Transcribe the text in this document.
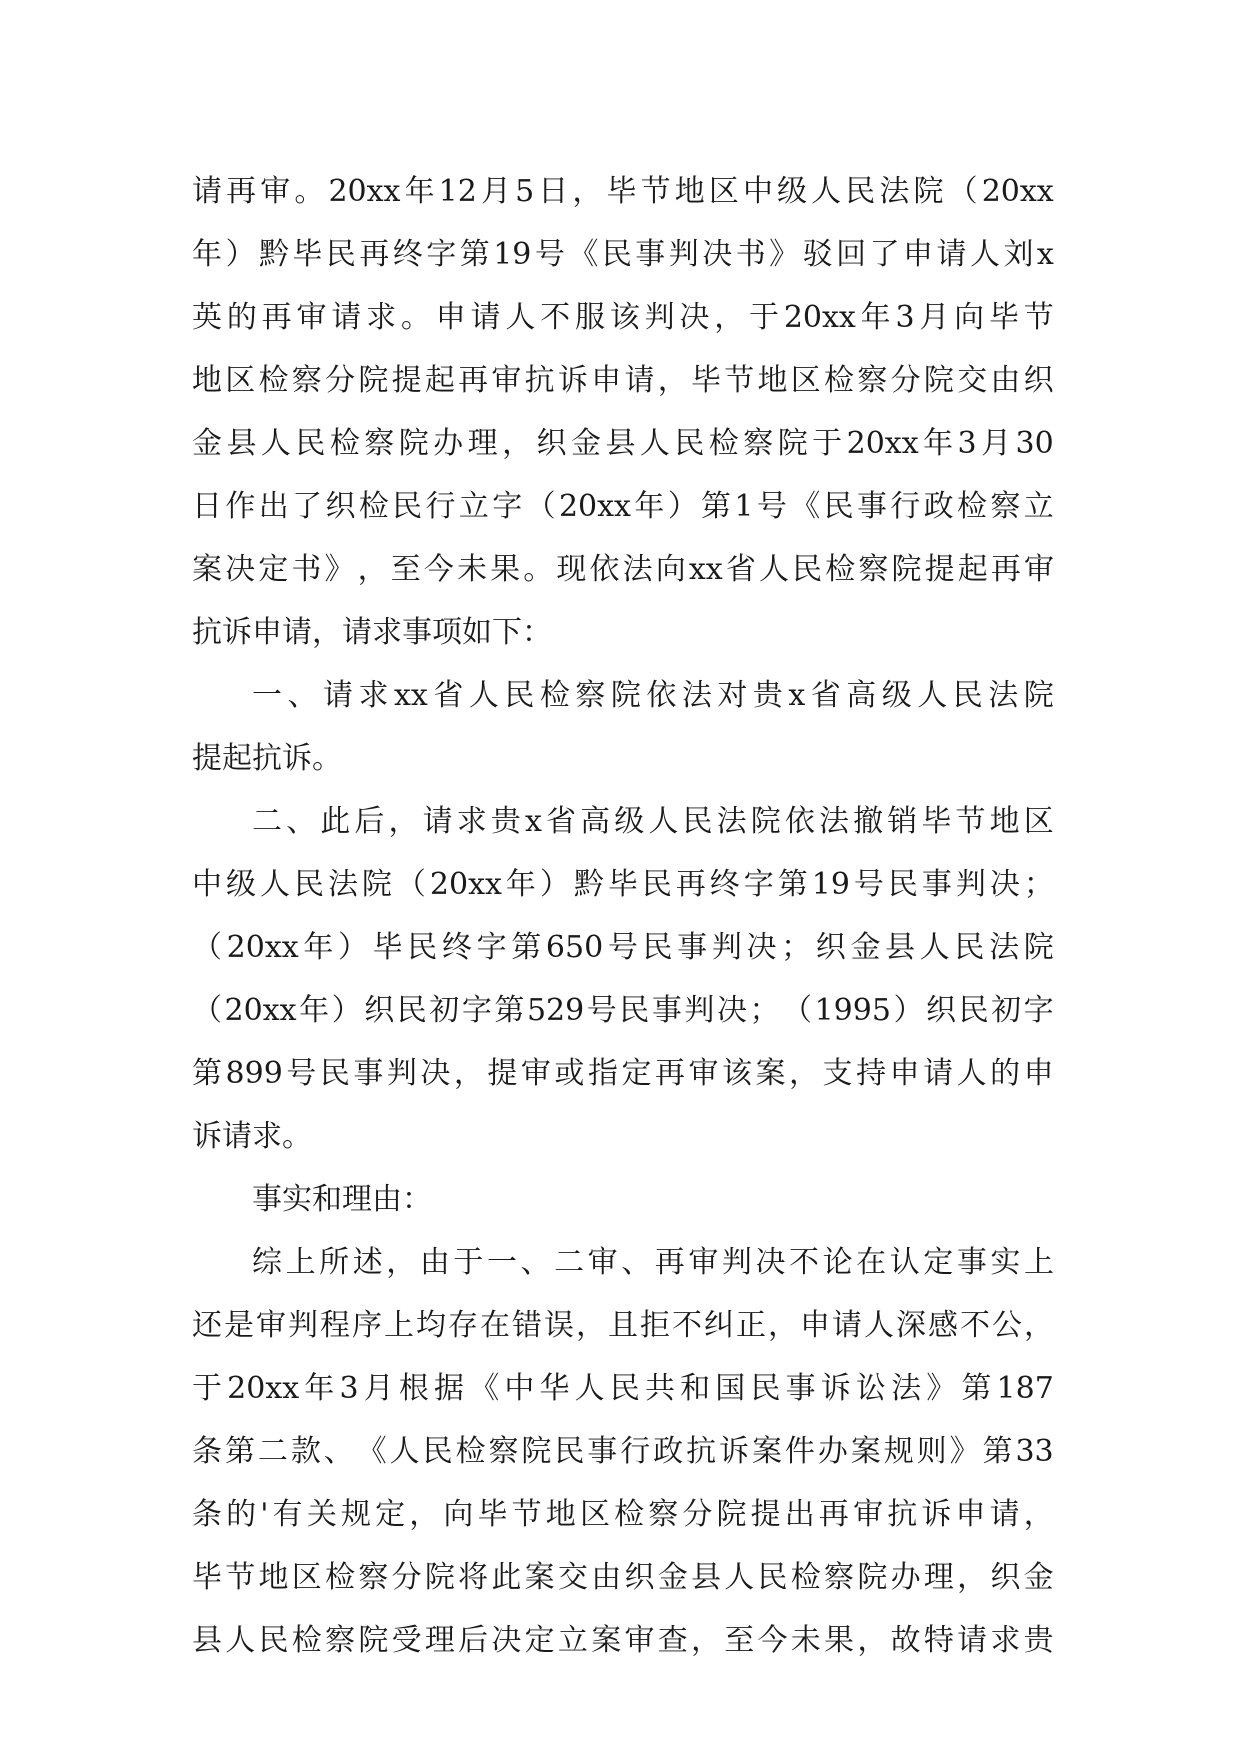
请 再 审 。 20xx 年 12 月 5 日 ， 毕 节 地 区 中 级 人 民 法 院 （ 20xx
年 ） 黔 毕 民 再 终 字 第 19 号 《 民 事 判 决 书 》 驳 回 了 申 请 人 刘 x
英 的 再 审 请 求 。 申 请 人 不 服 该 判 决 ， 于 20xx 年 3 月 向 毕 节
地 区 检 察 分 院 提 起 再 审 抗 诉 申 请 ， 毕 节 地 区 检 察 分 院 交 由 织
金 县 人 民 检 察 院 办 理 ， 织 金 县 人 民 检 察 院 于 20xx 年 3 月 30
日 作 出 了 织 检 民 行 立 字 （ 20xx 年 ） 第 1 号 《 民 事 行 政 检 察 立
案 决 定 书 》 ， 至 今 未 果 。 现 依 法 向 xx 省 人 民 检 察 院 提 起 再 审
抗诉申请，请求事项如下：
一 、 请 求 xx 省 人 民 检 察 院 依 法 对 贵 x 省 高 级 人 民 法 院
提起抗诉。
二 、 此 后 ， 请 求 贵 x 省 高 级 人 民 法 院 依 法 撤 销 毕 节 地 区
中 级 人 民 法 院 （ 20xx 年 ） 黔 毕 民 再 终 字 第 19 号 民 事 判 决 ；
（ 20xx 年 ） 毕 民 终 字 第 650 号 民 事 判 决 ； 织 金 县 人 民 法 院
（ 20xx 年 ） 织 民 初 字 第 529 号 民 事 判 决 ； （ 1995 ） 织 民 初 字
第 899 号 民 事 判 决 ， 提 审 或 指 定 再 审 该 案 ， 支 持 申 请 人 的 申
诉请求。
事实和理由：
综 上 所 述 ， 由 于 一 、 二 审 、 再 审 判 决 不 论 在 认 定 事 实 上
还 是 审 判 程 序 上 均 存 在 错 误 ， 且 拒 不 纠 正 ， 申 请 人 深 感 不 公 ，
于 20xx 年 3 月 根 据 《 中 华 人 民 共 和 国 民 事 诉 讼 法 》 第 187
条 第 二 款 、 《 人 民 检 察 院 民 事 行 政 抗 诉 案 件 办 案 规 则 》 第 33
条 的 ' 有 关 规 定 ， 向 毕 节 地 区 检 察 分 院 提 出 再 审 抗 诉 申 请 ，
毕 节 地 区 检 察 分 院 将 此 案 交 由 织 金 县 人 民 检 察 院 办 理 ， 织 金
县 人 民 检 察 院 受 理 后 决 定 立 案 审 查 ， 至 今 未 果 ， 故 特 请 求 贵
